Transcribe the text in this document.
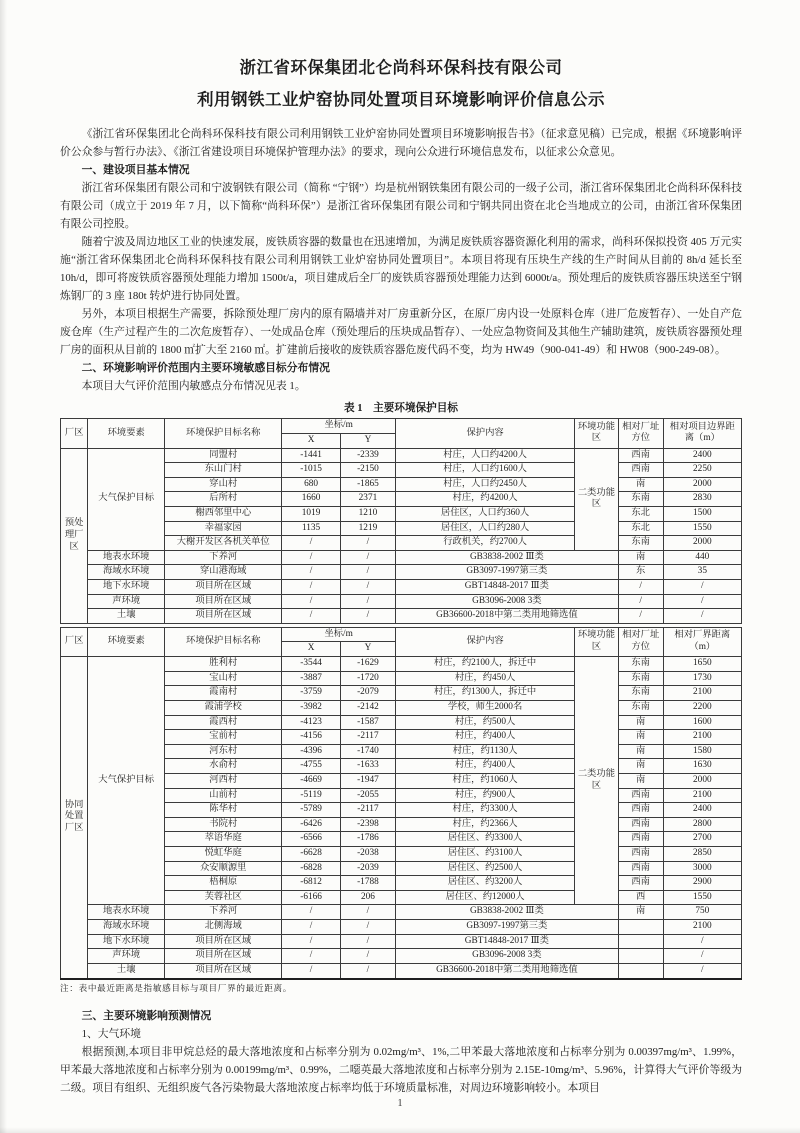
浙江省环保集团北仑尚科环保科技有限公司
利用钢铁工业炉窑协同处置项目环境影响评价信息公示

《浙江省环保集团北仑尚科环保科技有限公司利用钢铁工业炉窑协同处置项目环境影响报告书》（征求意见稿）已完成，根据《环境影响评价公众参与暂行办法》、《浙江省建设项目环境保护管理办法》的要求，现向公众进行环境信息发布，以征求公众意见。

一、建设项目基本情况

浙江省环保集团有限公司和宁波钢铁有限公司（简称 “宁钢”）均是杭州钢铁集团有限公司的一级子公司，浙江省环保集团北仑尚科环保科技有限公司（成立于 2019 年 7 月，以下简称“尚科环保”）是浙江省环保集团有限公司和宁钢共同出资在北仑当地成立的公司，由浙江省环保集团有限公司控股。

随着宁波及周边地区工业的快速发展，废铁质容器的数量也在迅速增加，为满足废铁质容器资源化利用的需求，尚科环保拟投资 405 万元实施“浙江省环保集团北仑尚科环保科技有限公司利用钢铁工业炉窑协同处置项目”。本项目将现有压块生产线的生产时间从目前的 8h/d 延长至 10h/d，即可将废铁质容器预处理能力增加 1500t/a，项目建成后全厂的废铁质容器预处理能力达到 6000t/a。预处理后的废铁质容器压块送至宁钢炼钢厂的 3 座 180t 转炉进行协同处置。

另外，本项目根据生产需要，拆除预处理厂房内的原有隔墙并对厂房重新分区，在原厂房内设一处原料仓库（进厂危废暂存）、一处自产危废仓库（生产过程产生的二次危废暂存）、一处成品仓库（预处理后的压块成品暂存）、一处应急物资间及其他生产辅助建筑，废铁质容器预处理厂房的面积从目前的 1800 ㎡扩大至 2160 ㎡。扩建前后接收的废铁质容器危废代码不变，均为 HW49（900-041-49）和 HW08（900-249-08）。

二、环境影响评价范围内主要环境敏感目标分布情况

本项目大气评价范围内敏感点分布情况见表 1。

表 1　主要环境保护目标
厂区	环境要素	环境保护目标名称	坐标/m		保护内容	环境功能区	相对厂址方位	相对项目边界距离（m）
			X	Y				
预处理厂区	大气保护目标	同盟村	-1441	-2339	村庄，人口约4200人	二类功能区	西南	2400
		东山门村	-1015	-2150	村庄，人口约1600人		西南	2250
		穿山村	680	-1865	村庄，人口约2450人		南	2000
		后所村	1660	2371	村庄，约4200人		东南	2830
		榭西邻里中心	1019	1210	居住区，人口约360人		东北	1500
		幸福家园	1135	1219	居住区，人口约280人		东北	1550
		大榭开发区各机关单位	/	/	行政机关，约2700人		东南	2000
	地表水环境	下养河	/	/	GB3838-2002 Ⅲ类		南	440
	海域水环境	穿山港海域	/	/	GB3097-1997第三类		东	35
	地下水环境	项目所在区域	/	/	GBT14848-2017 Ⅲ类		/	/
	声环境	项目所在区域	/	/	GB3096-2008 3类		/	/
	土壤	项目所在区域	/	/	GB36600-2018中第二类用地筛选值		/	/
厂区	环境要素	环境保护目标名称	坐标/m		保护内容	环境功能区	相对厂址方位	相对厂界距离（m）
			X	Y				
协同处置厂区	大气保护目标	胜利村	-3544	-1629	村庄，约2100人，拆迁中	二类功能区	东南	1650
		宝山村	-3887	-1720	村庄，约450人		东南	1730
		霞南村	-3759	-2079	村庄，约1300人，拆迁中		东南	2100
		霞浦学校	-3982	-2142	学校，师生2000名		东南	2200
		霞西村	-4123	-1587	村庄，约500人		南	1600
		宝前村	-4156	-2117	村庄，约400人		南	2100
		河东村	-4396	-1740	村庄，约1130人		南	1580
		水俞村	-4755	-1633	村庄，约400人		南	1630
		河西村	-4669	-1947	村庄，约1060人		南	2000
		山前村	-5119	-2055	村庄，约900人		西南	2100
		陈华村	-5789	-2117	村庄，约3300人		西南	2400
		书院村	-6426	-2398	村庄，约2366人		西南	2800
		萃语华庭	-6566	-1786	居住区、约3300人		西南	2700
		悦虹华庭	-6628	-2038	居住区、约3100人		西南	2850
		众安顺源里	-6828	-2039	居住区、约2500人		西南	3000
		梧桐原	-6812	-1788	居住区、约3200人		西南	2900
		芙蓉社区	-6166	206	居住区、约12000人		西	1550
	地表水环境	下养河	/	/	GB3838-2002 Ⅲ类		南	750
	海域水环境	北侧海域	/	/	GB3097-1997第三类			2100
	地下水环境	项目所在区域	/	/	GBT14848-2017 Ⅲ类			/
	声环境	项目所在区域	/	/	GB3096-2008 3类			/
	土壤	项目所在区域	/	/	GB36600-2018中第二类用地筛选值			/
注：表中最近距离是指敏感目标与项目厂界的最近距离。
三、主要环境影响预测情况
1、大气环境

根据预测,本项目非甲烷总烃的最大落地浓度和占标率分别为 0.02mg/m³、1%,二甲苯最大落地浓度和占标率分别为 0.00397mg/m³、1.99%，甲苯最大落地浓度和占标率分别为 0.00199mg/m³、0.99%，二噁英最大落地浓度和占标率分别为 2.15E-10mg/m³、5.96%，计算得大气评价等级为二级。项目有组织、无组织废气各污染物最大落地浓度占标率均低于环境质量标准，对周边环境影响较小。本项目

1
